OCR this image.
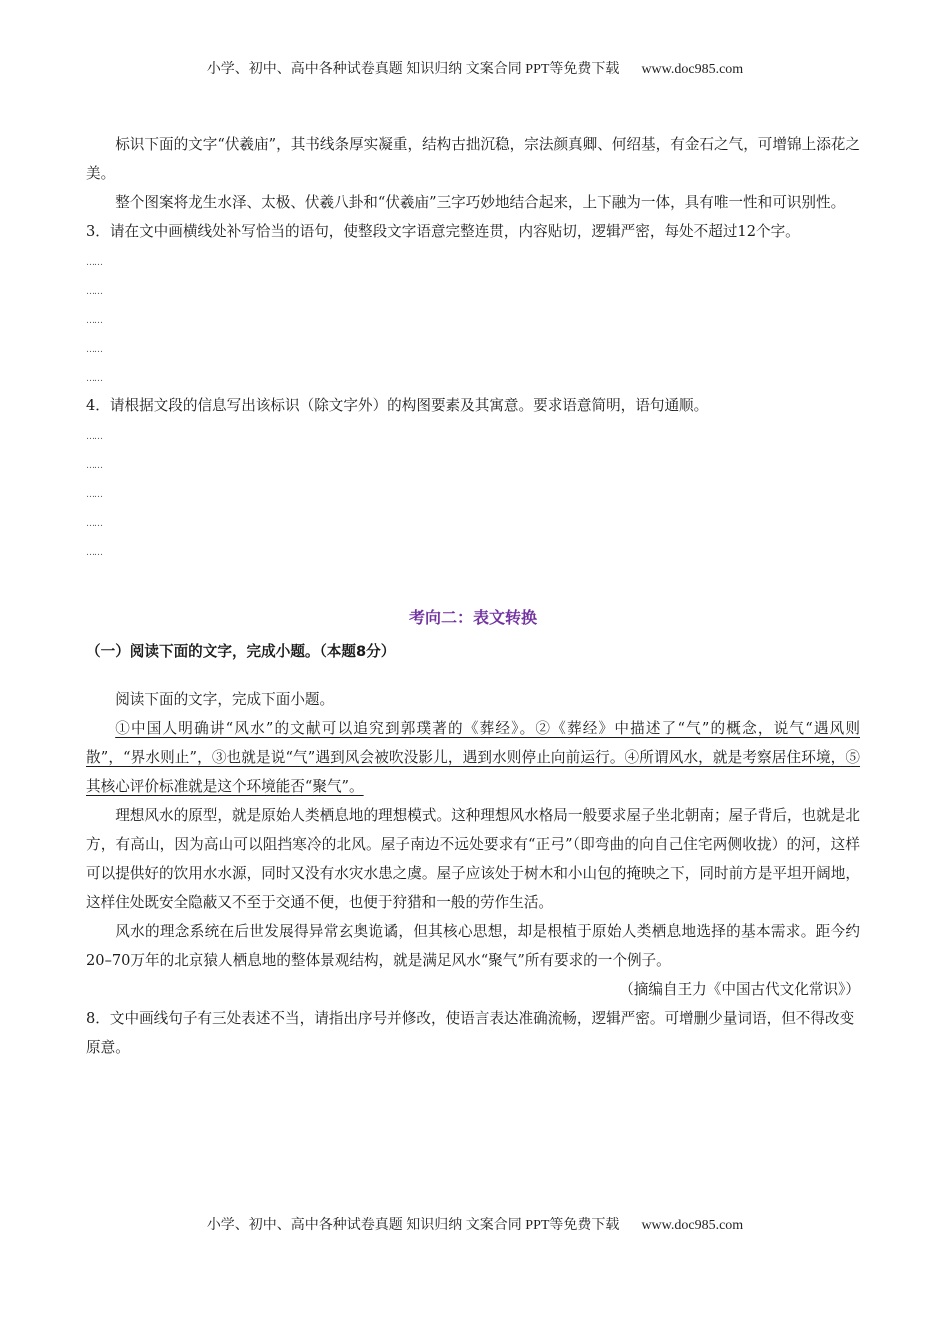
小学、初中、高中各种试卷真题 知识归纳 文案合同 PPT等免费下载 www.doc985.com

标识下面的文字“伏羲庙”，其书线条厚实凝重，结构古拙沉稳，宗法颜真卿、何绍基，有金石之气，可增锦上添花之美。

整个图案将龙生水泽、太极、伏羲八卦和“伏羲庙”三字巧妙地结合起来，上下融为一体，具有唯一性和可识别性。

3．请在文中画横线处补写恰当的语句，使整段文字语意完整连贯，内容贴切，逻辑严密，每处不超过12个字。

……
……
……
……
……

4．请根据文段的信息写出该标识（除文字外）的构图要素及其寓意。要求语意简明，语句通顺。

……
……
……
……
……
考向二：表文转换
（一）阅读下面的文字，完成小题。（本题8分）

阅读下面的文字，完成下面小题。

①中国人明确讲“风水”的文献可以追究到郭璞著的《葬经》。②《葬经》中描述了“气”的概念，说气“遇风则散”，“界水则止”，③也就是说“气”遇到风会被吹没影儿，遇到水则停止向前运行。④所谓风水，就是考察居住环境，⑤其核心评价标准就是这个环境能否“聚气”。

理想风水的原型，就是原始人类栖息地的理想模式。这种理想风水格局一般要求屋子坐北朝南；屋子背后，也就是北方，有高山，因为高山可以阻挡寒冷的北风。屋子南边不远处要求有“正弓”（即弯曲的向自己住宅两侧收拢）的河，这样可以提供好的饮用水水源，同时又没有水灾水患之虞。屋子应该处于树木和小山包的掩映之下，同时前方是平坦开阔地，这样住处既安全隐蔽又不至于交通不便，也便于狩猎和一般的劳作生活。

风水的理念系统在后世发展得异常玄奥诡谲，但其核心思想，却是根植于原始人类栖息地选择的基本需求。距今约20–70万年的北京猿人栖息地的整体景观结构，就是满足风水“聚气”所有要求的一个例子。

（摘编自王力《中国古代文化常识》）

8．文中画线句子有三处表述不当，请指出序号并修改，使语言表达准确流畅，逻辑严密。可增删少量词语，但不得改变原意。

小学、初中、高中各种试卷真题 知识归纳 文案合同 PPT等免费下载 www.doc985.com
